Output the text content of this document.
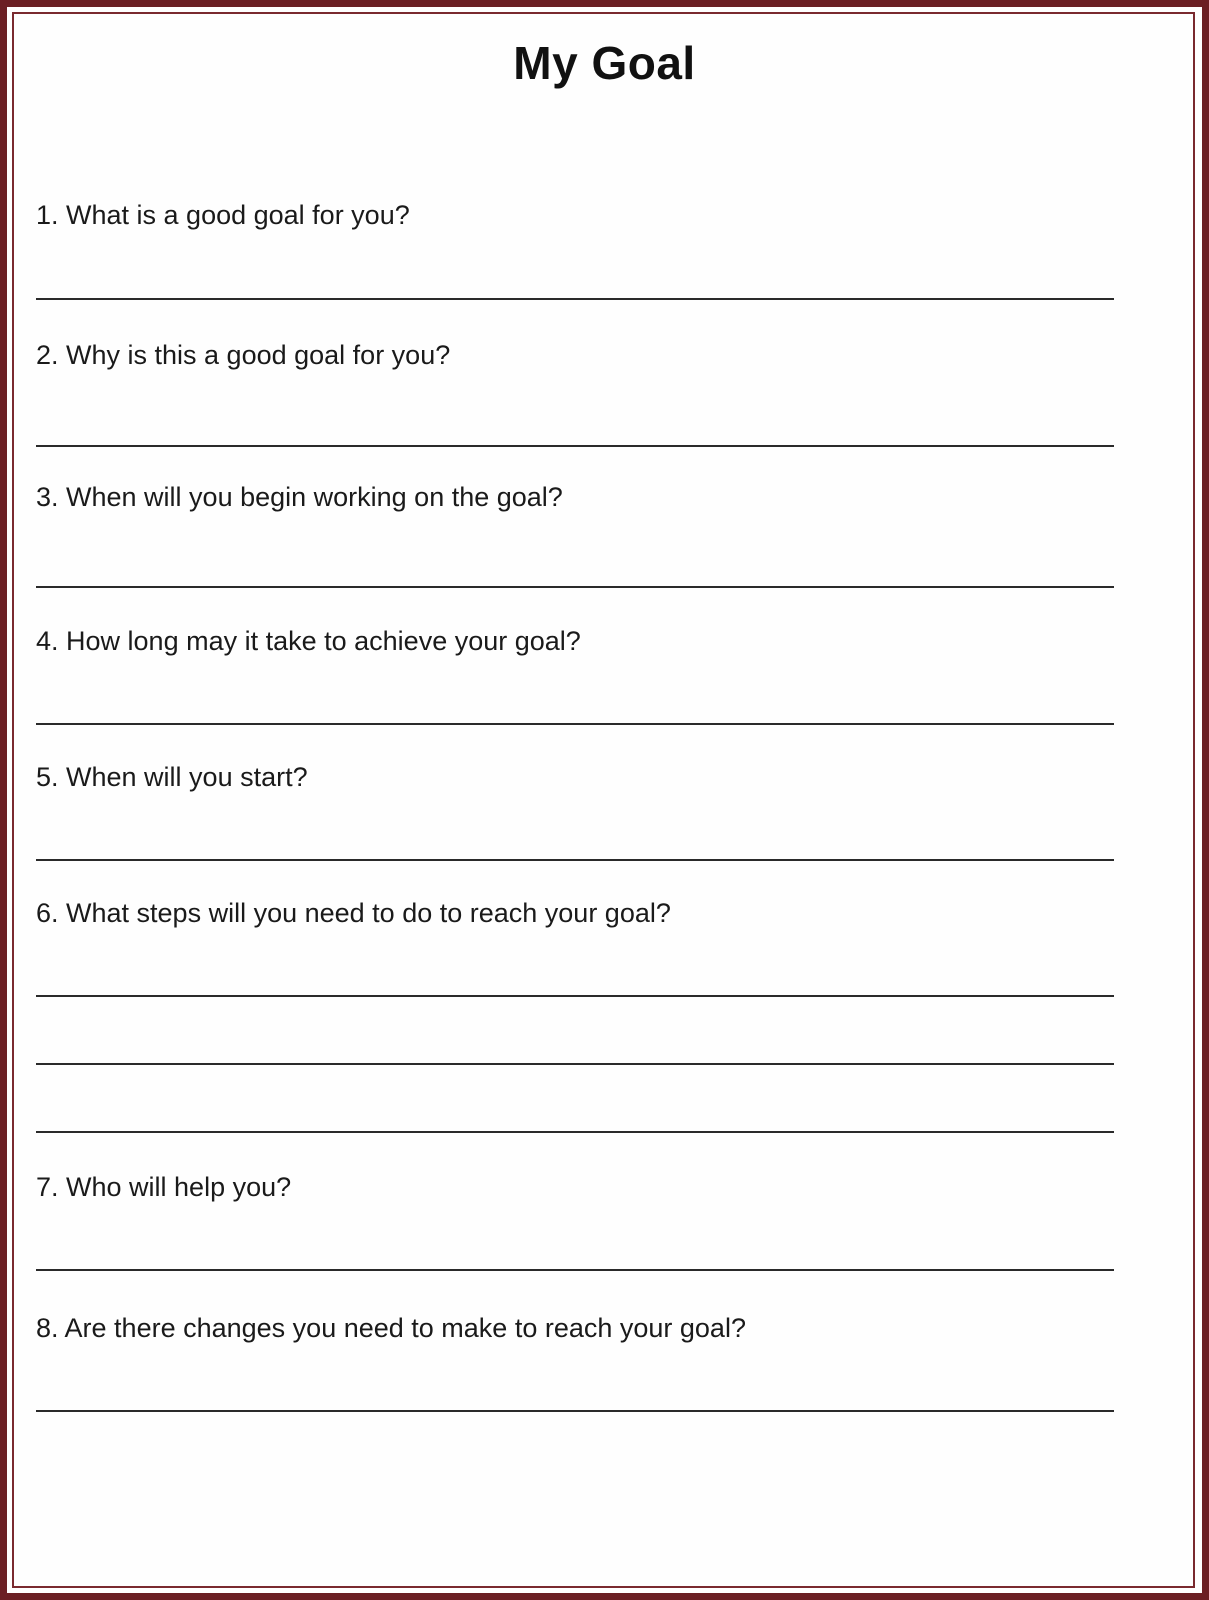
My Goal
1. What is a good goal for you?
2. Why is this a good goal for you?
3. When will you begin working on the goal?
4. How long may it take to achieve your goal?
5. When will you start?
6. What steps will you need to do to reach your goal?
7. Who will help you?
8. Are there changes you need to make to reach your goal?
